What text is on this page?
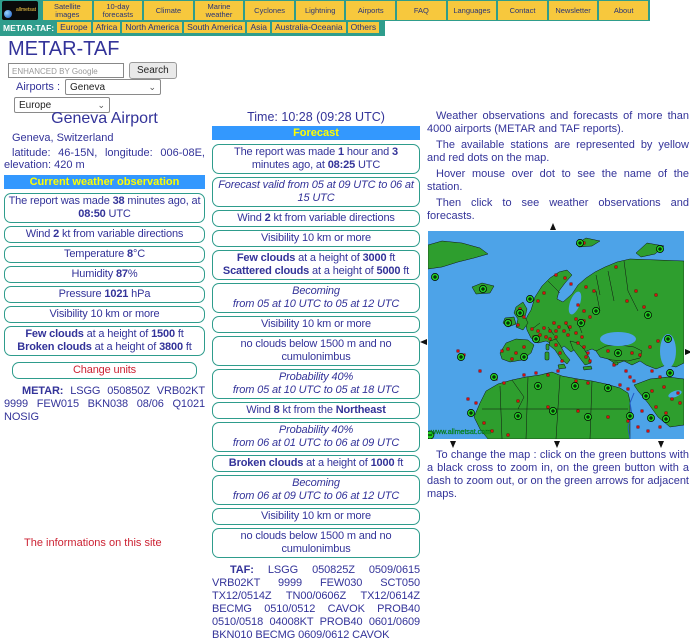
allmetsat	Satellite images
10-day forecasts	Climate	Marine weather	Cyclones	Lightning	Airports	FAQ	Languages	Contact	Newsletter	About
METAR-TAF: Europe Africa North America South America Asia Australia-Oceania Others
METAR-TAF
ENHANCED BY Google
Search
Airports : Geneva	⌄
Europe	⌄
Geneva Airport
Geneva, Switzerland
latitude: 46-15N, longitude: 006-08E,
elevation: 420 m
Current weather observation
The report was made 38 minutes ago, at 08:50 UTC
Wind 2 kt from variable directions
Temperature 8°C
Humidity 87%
Pressure 1021 hPa
Visibility 10 km or more
Few clouds at a height of 1500 ft
Broken clouds at a height of 3800 ft
Change units

METAR: LSGG 050850Z VRB02KT 9999 FEW015 BKN038 08/06 Q1021 NOSIG

Time: 10:28 (09:28 UTC)
Forecast
The report was made 1 hour and 3 minutes ago, at 08:25 UTC
Forecast valid from 05 at 09 UTC to 06 at 15 UTC
Wind 2 kt from variable directions
Visibility 10 km or more
Few clouds at a height of 3000 ft
Scattered clouds at a height of 5000 ft
Becoming
from 05 at 10 UTC to 05 at 12 UTC
Visibility 10 km or more
no clouds below 1500 m and no cumulonimbus
Probability 40%
from 05 at 10 UTC to 05 at 18 UTC
Wind 8 kt from the Northeast
Probability 40%
from 06 at 01 UTC to 06 at 09 UTC
Broken clouds at a height of 1000 ft
Becoming
from 06 at 09 UTC to 06 at 12 UTC
Visibility 10 km or more
no clouds below 1500 m and no cumulonimbus

TAF: LSGG 050825Z 0509/0615 VRB02KT 9999 FEW030 SCT050 TX12/0514Z TN00/0606Z TX12/0614Z BECMG 0510/0512 CAVOK PROB40 0510/0518 04008KT PROB40 0601/0609 BKN010 BECMG 0609/0612 CAVOK

Weather observations and forecasts of more than 4000 airports (METAR and TAF reports).

The available stations are represented by yellow and red dots on the map.

Hover mouse over dot to see the name of the station.

Then click to see weather observations and forecasts.

www.allmetsat.com

To change the map : click on the green buttons with a black cross to zoom in, on the green button with a dash to zoom out, or on the green arrows for adjacent maps.

The informations on this site
